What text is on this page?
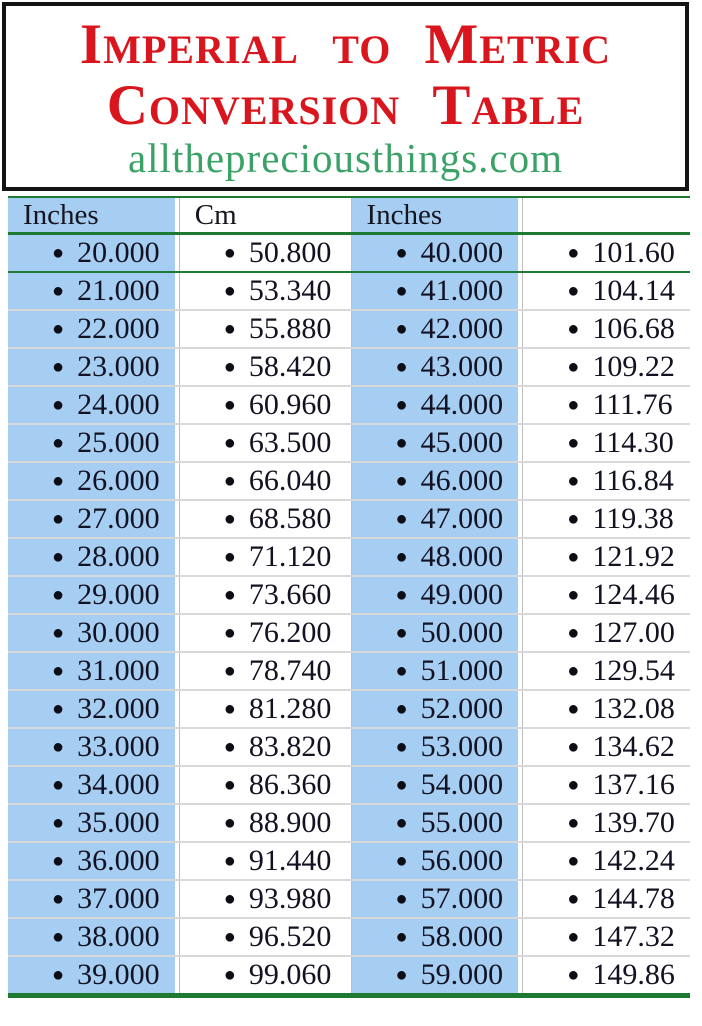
Imperial to Metric
Conversion Table
allthepreciousthings.com
Inches	Cm	Inches
● 20.000	● 50.800	● 40.000	● 101.60
● 21.000	● 53.340	● 41.000	● 104.14
● 22.000	● 55.880	● 42.000	● 106.68
● 23.000	● 58.420	● 43.000	● 109.22
● 24.000	● 60.960	● 44.000	● 111.76
● 25.000	● 63.500	● 45.000	● 114.30
● 26.000	● 66.040	● 46.000	● 116.84
● 27.000	● 68.580	● 47.000	● 119.38
● 28.000	● 71.120	● 48.000	● 121.92
● 29.000	● 73.660	● 49.000	● 124.46
● 30.000	● 76.200	● 50.000	● 127.00
● 31.000	● 78.740	● 51.000	● 129.54
● 32.000	● 81.280	● 52.000	● 132.08
● 33.000	● 83.820	● 53.000	● 134.62
● 34.000	● 86.360	● 54.000	● 137.16
● 35.000	● 88.900	● 55.000	● 139.70
● 36.000	● 91.440	● 56.000	● 142.24
● 37.000	● 93.980	● 57.000	● 144.78
● 38.000	● 96.520	● 58.000	● 147.32
● 39.000	● 99.060	● 59.000	● 149.86
